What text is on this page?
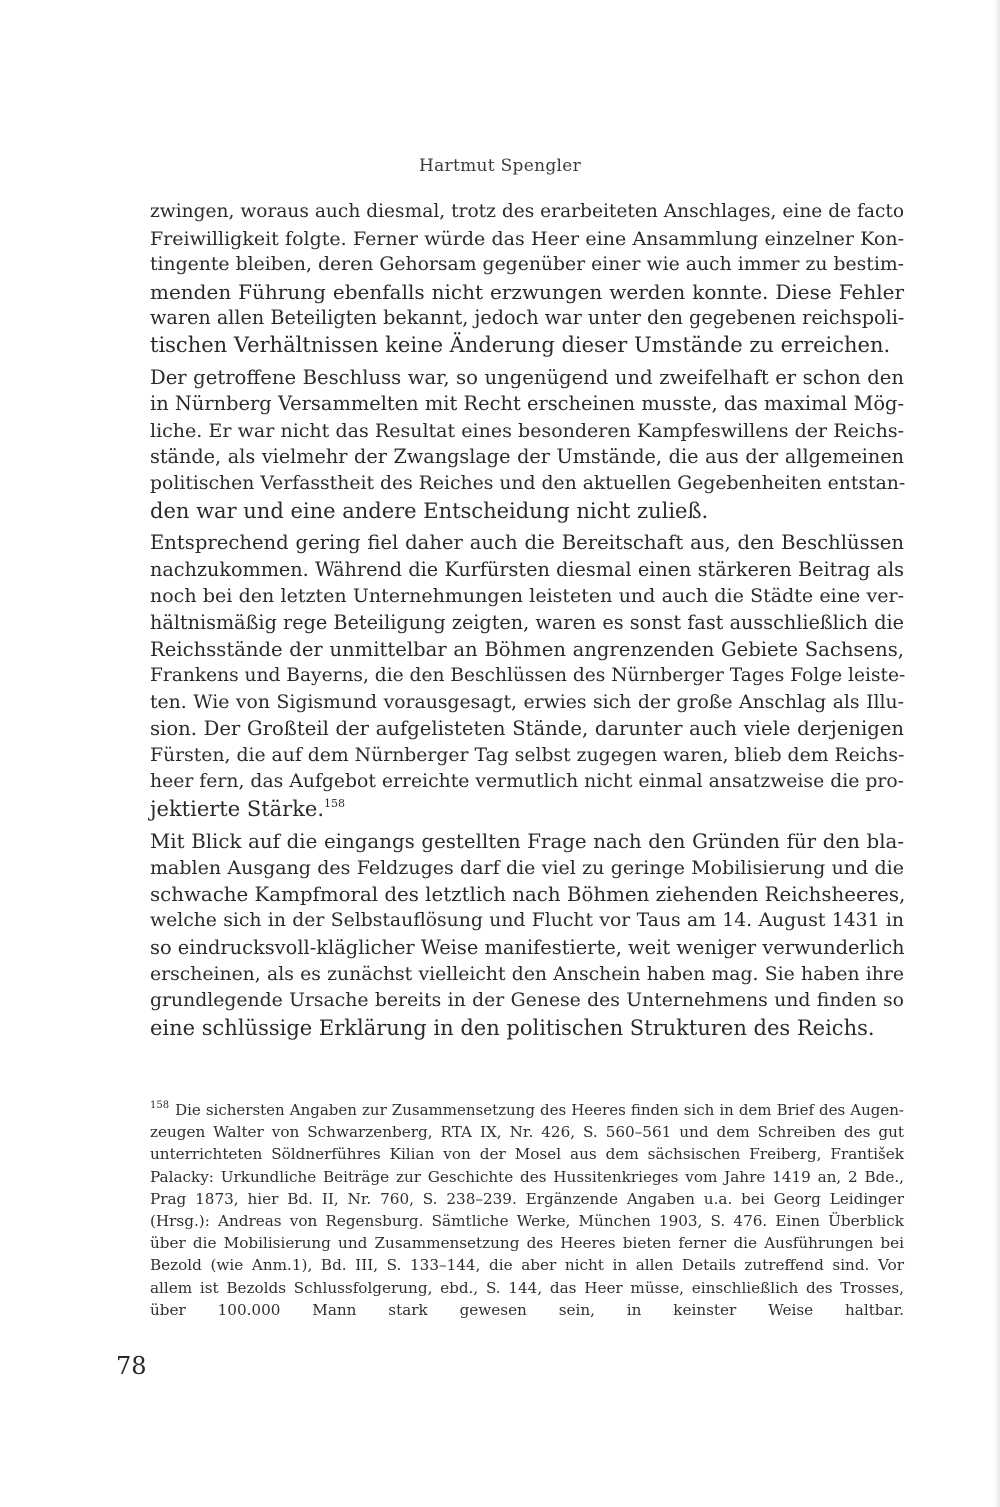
Hartmut Spengler

zwingen, woraus auch diesmal, trotz des erarbeiteten Anschlages, eine de facto
Freiwilligkeit folgte. Ferner würde das Heer eine Ansammlung einzelner Kon-
tingente bleiben, deren Gehorsam gegenüber einer wie auch immer zu bestim-
menden Führung ebenfalls nicht erzwungen werden konnte. Diese Fehler
waren allen Beteiligten bekannt, jedoch war unter den gegebenen reichspoli-
tischen Verhältnissen keine Änderung dieser Umstände zu erreichen.

Der getroffene Beschluss war, so ungenügend und zweifelhaft er schon den
in Nürnberg Versammelten mit Recht erscheinen musste, das maximal Mög-
liche. Er war nicht das Resultat eines besonderen Kampfeswillens der Reichs-
stände, als vielmehr der Zwangslage der Umstände, die aus der allgemeinen
politischen Verfasstheit des Reiches und den aktuellen Gegebenheiten entstan-
den war und eine andere Entscheidung nicht zuließ.

Entsprechend gering fiel daher auch die Bereitschaft aus, den Beschlüssen
nachzukommen. Während die Kurfürsten diesmal einen stärkeren Beitrag als
noch bei den letzten Unternehmungen leisteten und auch die Städte eine ver-
hältnismäßig rege Beteiligung zeigten, waren es sonst fast ausschließlich die
Reichsstände der unmittelbar an Böhmen angrenzenden Gebiete Sachsens,
Frankens und Bayerns, die den Beschlüssen des Nürnberger Tages Folge leiste-
ten. Wie von Sigismund vorausgesagt, erwies sich der große Anschlag als Illu-
sion. Der Großteil der aufgelisteten Stände, darunter auch viele derjenigen
Fürsten, die auf dem Nürnberger Tag selbst zugegen waren, blieb dem Reichs-
heer fern, das Aufgebot erreichte vermutlich nicht einmal ansatzweise die pro-
jektierte Stärke.$^{158}$

Mit Blick auf die eingangs gestellten Frage nach den Gründen für den bla-
mablen Ausgang des Feldzuges darf die viel zu geringe Mobilisierung und die
schwache Kampfmoral des letztlich nach Böhmen ziehenden Reichsheeres,
welche sich in der Selbstauflösung und Flucht vor Taus am 14. August 1431 in
so eindrucksvoll-kläglicher Weise manifestierte, weit weniger verwunderlich
erscheinen, als es zunächst vielleicht den Anschein haben mag. Sie haben ihre
grundlegende Ursache bereits in der Genese des Unternehmens und finden so
eine schlüssige Erklärung in den politischen Strukturen des Reichs.

$^{158}$ Die sichersten Angaben zur Zusammensetzung des Heeres finden sich in dem Brief des Augen-
zeugen Walter von Schwarzenberg, RTA IX, Nr. 426, S. 560–561 und dem Schreiben des gut
unterrichteten Söldnerführes Kilian von der Mosel aus dem sächsischen Freiberg, František
Palacky: Urkundliche Beiträge zur Geschichte des Hussitenkrieges vom Jahre 1419 an, 2 Bde.,
Prag 1873, hier Bd. II, Nr. 760, S. 238–239. Ergänzende Angaben u.a. bei Georg Leidinger
(Hrsg.): Andreas von Regensburg. Sämtliche Werke, München 1903, S. 476. Einen Überblick
über die Mobilisierung und Zusammensetzung des Heeres bieten ferner die Ausführungen bei
Bezold (wie Anm.1), Bd. III, S. 133–144, die aber nicht in allen Details zutreffend sind. Vor
allem ist Bezolds Schlussfolgerung, ebd., S. 144, das Heer müsse, einschließlich des Trosses,
über 100.000 Mann stark gewesen sein, in keinster Weise haltbar.
78
